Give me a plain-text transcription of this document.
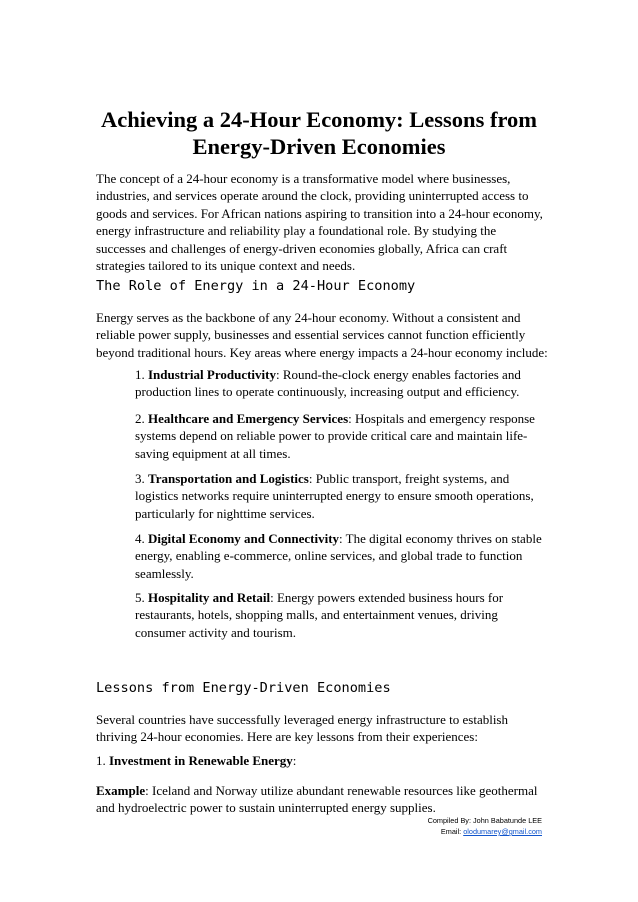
Achieving a 24-Hour Economy: Lessons from
Energy-Driven Economies

The concept of a 24-hour economy is a transformative model where businesses, industries, and services operate around the clock, providing uninterrupted access to goods and services. For African nations aspiring to transition into a 24-hour economy, energy infrastructure and reliability play a foundational role. By studying the successes and challenges of energy-driven economies globally, Africa can craft strategies tailored to its unique context and needs.

The Role of Energy in a 24-Hour Economy

Energy serves as the backbone of any 24-hour economy. Without a consistent and reliable power supply, businesses and essential services cannot function efficiently beyond traditional hours. Key areas where energy impacts a 24-hour economy include:

1. Industrial Productivity: Round-the-clock energy enables factories and production lines to operate continuously, increasing output and efficiency.

2. Healthcare and Emergency Services: Hospitals and emergency response systems depend on reliable power to provide critical care and maintain life-saving equipment at all times.

3. Transportation and Logistics: Public transport, freight systems, and logistics networks require uninterrupted energy to ensure smooth operations, particularly for nighttime services.

4. Digital Economy and Connectivity: The digital economy thrives on stable energy, enabling e-commerce, online services, and global trade to function seamlessly.

5. Hospitality and Retail: Energy powers extended business hours for restaurants, hotels, shopping malls, and entertainment venues, driving consumer activity and tourism.

Lessons from Energy-Driven Economies

Several countries have successfully leveraged energy infrastructure to establish thriving 24-hour economies. Here are key lessons from their experiences:

1. Investment in Renewable Energy:

Example: Iceland and Norway utilize abundant renewable resources like geothermal and hydroelectric power to sustain uninterrupted energy supplies.

Compiled By: John Babatunde LEE
Email: olodumarey@gmail.com
